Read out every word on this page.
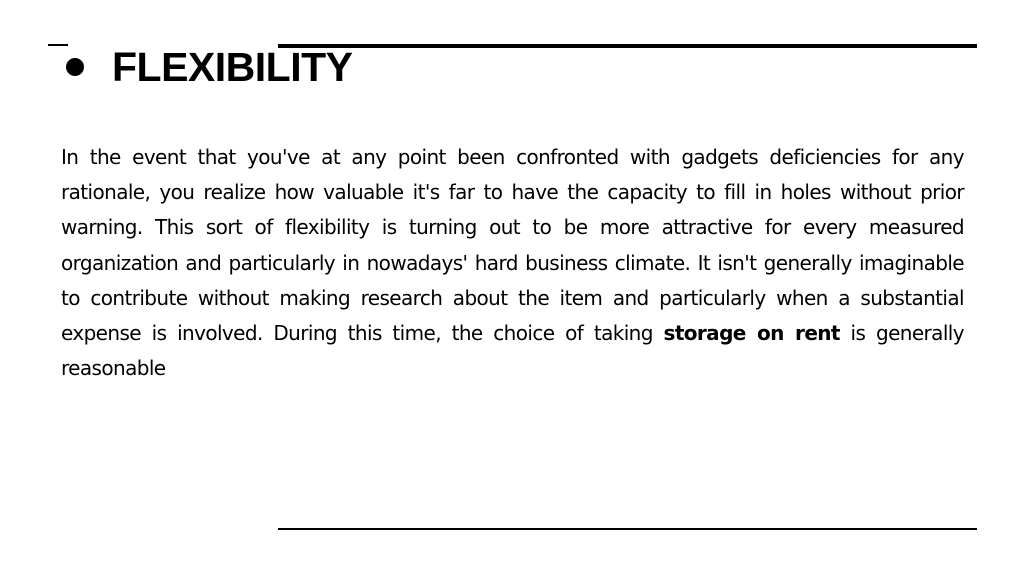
FLEXIBILITY

In the event that you've at any point been confronted with gadgets deficiencies for any rationale, you realize how valuable it's far to have the capacity to fill in holes without prior warning. This sort of flexibility is turning out to be more attractive for every measured organization and particularly in nowadays' hard business climate. It isn't generally imaginable to contribute without making research about the item and particularly when a substantial expense is involved. During this time, the choice of taking storage on rent is generally reasonable
